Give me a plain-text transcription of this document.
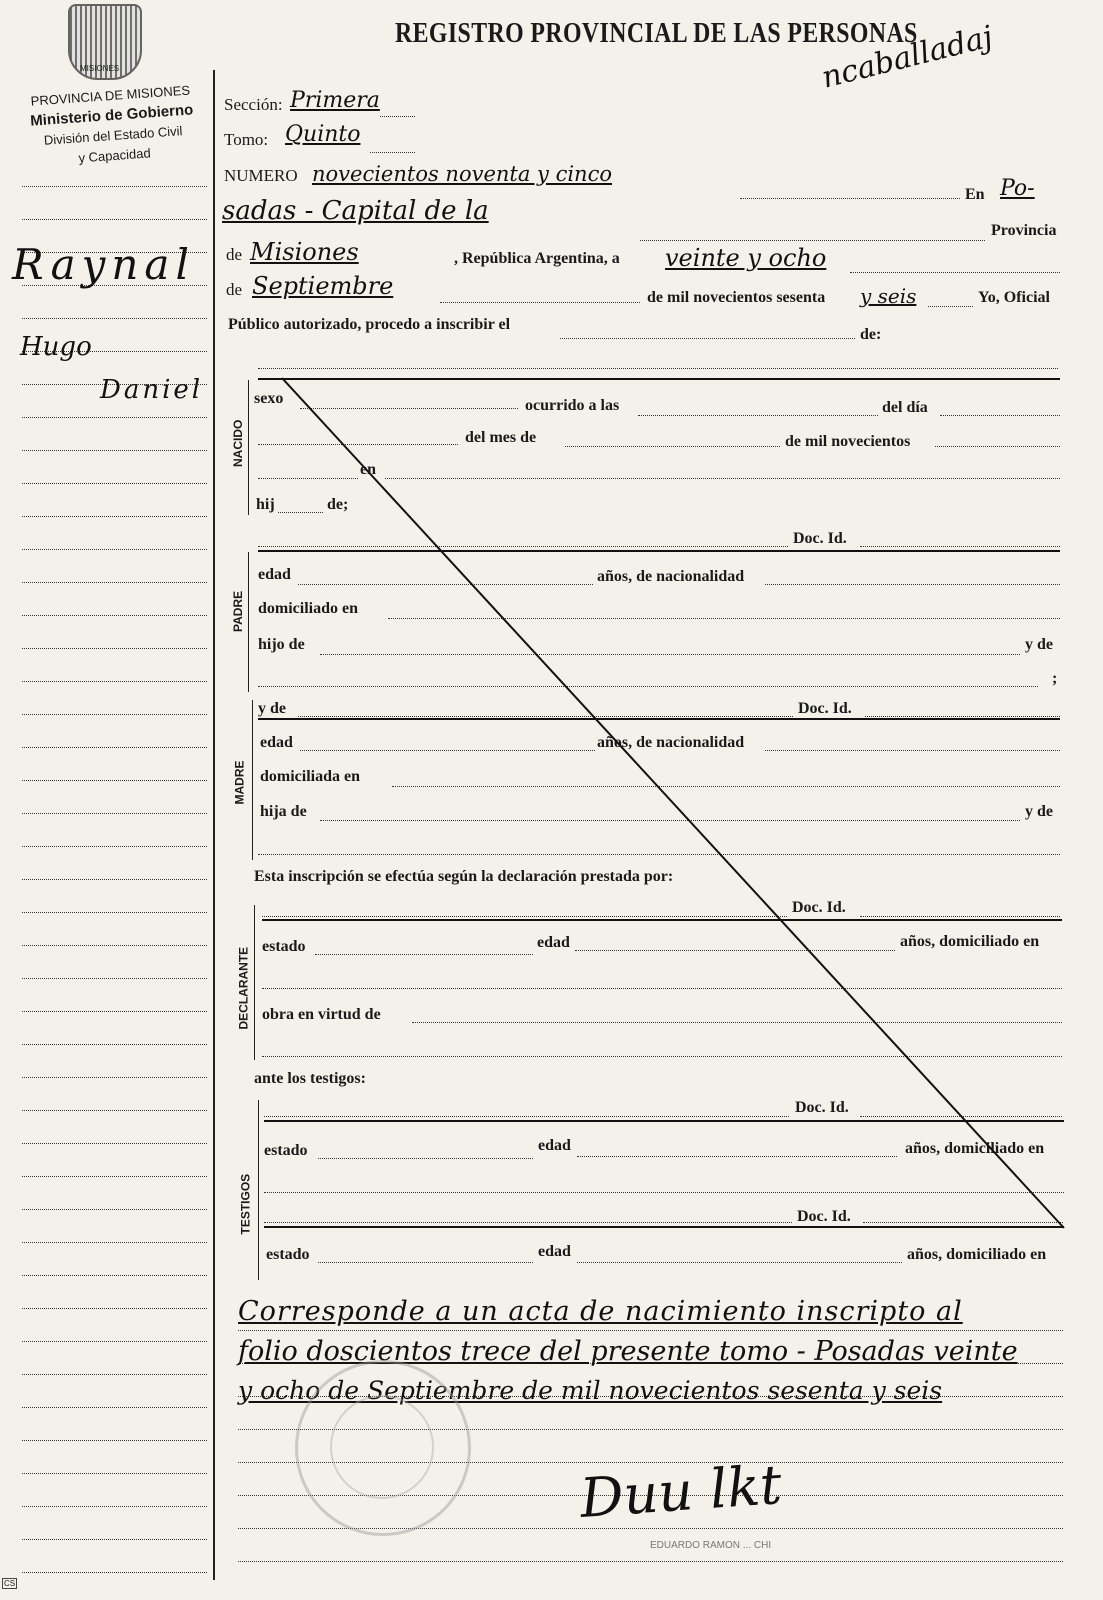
MISIONES
REGISTRO PROVINCIAL DE LAS PERSONAS
ncaballadaj
PROVINCIA DE MISIONES
Ministerio de Gobierno
División del Estado Civil
y Capacidad
Raynal
Hugo
Daniel
Sección: Primera
Tomo: Quinto
NUMERO novecientos noventa y cinco
En Po-
sadas - Capital de la
Provincia
de Misiones	, República Argentina, a veinte y ocho
de Septiembre	de mil novecientos sesenta y seis	Yo, Oficial
Público autorizado, procedo a inscribir el
de:
NACIDO
sexo	ocurrido a las	del día
del mes de	de mil novecientos
en
hij	de;
Doc. Id.
PADRE
edad	años, de nacionalidad
domiciliado en
hijo de	y de
;
y de	Doc. Id.
MADRE
edad	años, de nacionalidad
domiciliada en
hija de	y de
Esta inscripción se efectúa según la declaración prestada por:
DECLARANTE
Doc. Id.
estado	edad	años, domiciliado en
obra en virtud de
ante los testigos:
TESTIGOS
Doc. Id.
estado	edad	años, domiciliado en
Doc. Id.
estado	edad	años, domiciliado en
Corresponde a un acta de nacimiento inscripto al
folio doscientos trece del presente tomo - Posadas veinte
y ocho de Septiembre de mil novecientos sesenta y seis
Duu lkt
EDUARDO RAMON ... CHI
CS
